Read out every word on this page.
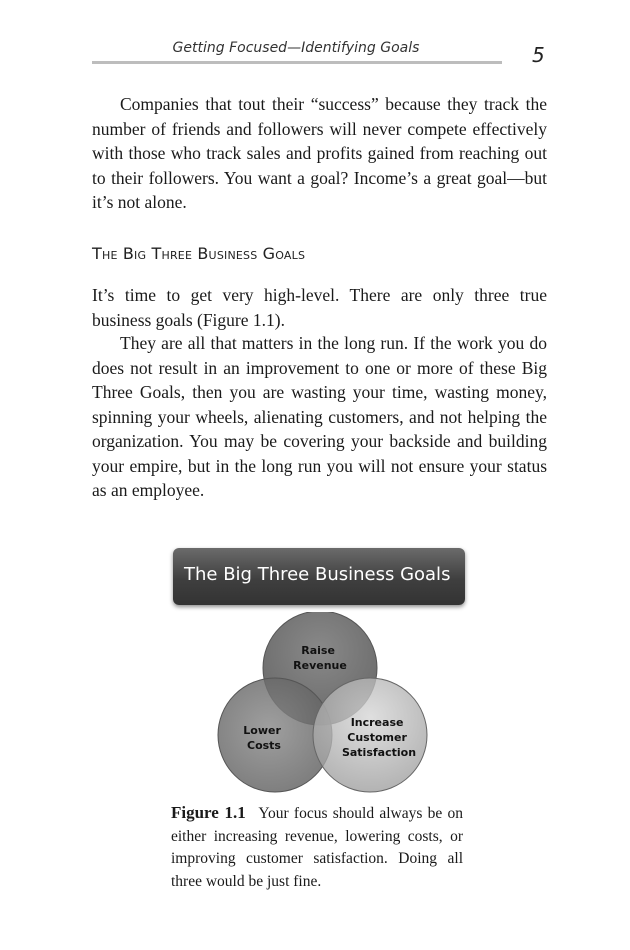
Getting Focused—Identifying Goals	5

Companies that tout their “success” because they track the number of friends and followers will never compete effectively with those who track sales and profits gained from reaching out to their followers. You want a goal? Income’s a great goal—but it’s not alone.

The Big Three Business Goals

It’s time to get very high-level. There are only three true business goals (Figure 1.1).

They are all that matters in the long run. If the work you do does not result in an improvement to one or more of these Big Three Goals, then you are wasting your time, wasting money, spinning your wheels, alienating customers, and not helping the organization. You may be covering your backside and building your empire, but in the long run you will not ensure your status as an employee.

The Big Three Business Goals
Raise Revenue
Lower Costs
Increase Customer Satisfaction

Figure 1.1 Your focus should always be on either increasing revenue, lowering costs, or improving customer satisfaction. Doing all three would be just fine.
